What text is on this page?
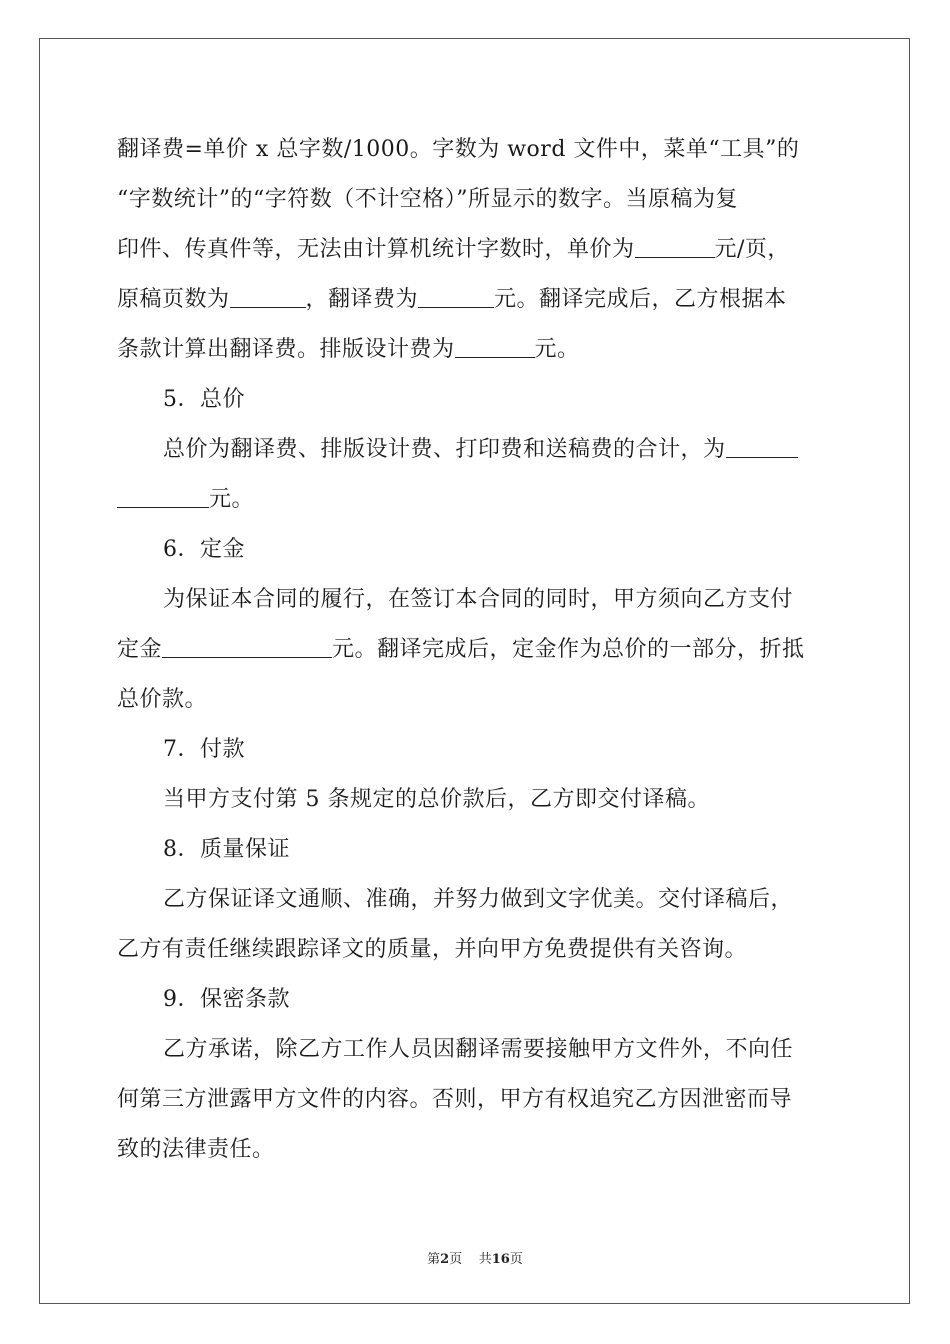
翻译费=单价 x 总字数/1000。字数为 word 文件中，菜单“工具”的
“字数统计”的“字符数（不计空格）”所显示的数字。当原稿为复
印件、传真件等，无法由计算机统计字数时，单价为	元/页，
原稿页数为	，翻译费为	元。翻译完成后，乙方根据本
条款计算出翻译费。排版设计费为	元。
5．总价
总价为翻译费、排版设计费、打印费和送稿费的合计，为
元。
6．定金
为保证本合同的履行，在签订本合同的同时，甲方须向乙方支付
定金	元。翻译完成后，定金作为总价的一部分，折抵
总价款。
7．付款
当甲方支付第 5 条规定的总价款后，乙方即交付译稿。
8．质量保证
乙方保证译文通顺、准确，并努力做到文字优美。交付译稿后，
乙方有责任继续跟踪译文的质量，并向甲方免费提供有关咨询。
9．保密条款
乙方承诺，除乙方工作人员因翻译需要接触甲方文件外，不向任
何第三方泄露甲方文件的内容。否则，甲方有权追究乙方因泄密而导
致的法律责任。
第2页 共16页
